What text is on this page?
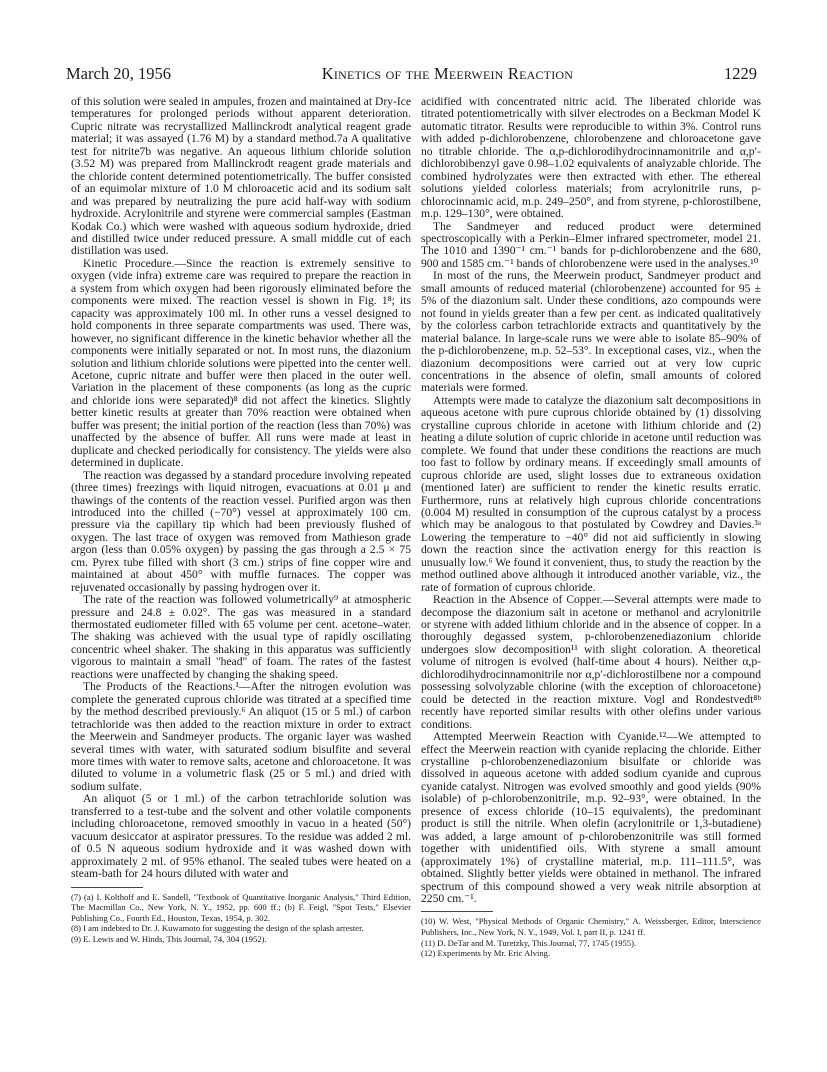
March 20, 1956	Kinetics of the Meerwein Reaction	1229

of this solution were sealed in ampules, frozen and maintained at Dry-Ice temperatures for prolonged periods without apparent deterioration. Cupric nitrate was recrystallized Mallinckrodt analytical reagent grade material; it was assayed (1.76 M) by a standard method.7a A qualitative test for nitrite7b was negative. An aqueous lithium chloride solution (3.52 M) was prepared from Mallinckrodt reagent grade materials and the chloride content determined potentiometrically. The buffer consisted of an equimolar mixture of 1.0 M chloroacetic acid and its sodium salt and was prepared by neutralizing the pure acid half-way with sodium hydroxide. Acrylonitrile and styrene were commercial samples (Eastman Kodak Co.) which were washed with aqueous sodium hydroxide, dried and distilled twice under reduced pressure. A small middle cut of each distillation was used.

Kinetic Procedure.—Since the reaction is extremely sensitive to oxygen (vide infra) extreme care was required to prepare the reaction in a system from which oxygen had been rigorously eliminated before the components were mixed. The reaction vessel is shown in Fig. 1⁸; its capacity was approximately 100 ml. In other runs a vessel designed to hold components in three separate compartments was used. There was, however, no significant difference in the kinetic behavior whether all the components were initially separated or not. In most runs, the diazonium solution and lithium chloride solutions were pipetted into the center well. Acetone, cupric nitrate and buffer were then placed in the outer well. Variation in the placement of these components (as long as the cupric and chloride ions were separated)⁸ did not affect the kinetics. Slightly better kinetic results at greater than 70% reaction were obtained when buffer was present; the initial portion of the reaction (less than 70%) was unaffected by the absence of buffer. All runs were made at least in duplicate and checked periodically for consistency. The yields were also determined in duplicate.

The reaction was degassed by a standard procedure involving repeated (three times) freezings with liquid nitrogen, evacuations at 0.01 μ and thawings of the contents of the reaction vessel. Purified argon was then introduced into the chilled (−70°) vessel at approximately 100 cm. pressure via the capillary tip which had been previously flushed of oxygen. The last trace of oxygen was removed from Mathieson grade argon (less than 0.05% oxygen) by passing the gas through a 2.5 × 75 cm. Pyrex tube filled with short (3 cm.) strips of fine copper wire and maintained at about 450° with muffle furnaces. The copper was rejuvenated occasionally by passing hydrogen over it.

The rate of the reaction was followed volumetrically⁹ at atmospheric pressure and 24.8 ± 0.02°. The gas was measured in a standard thermostated eudiometer filled with 65 volume per cent. acetone–water. The shaking was achieved with the usual type of rapidly oscillating concentric wheel shaker. The shaking in this apparatus was sufficiently vigorous to maintain a small "head" of foam. The rates of the fastest reactions were unaffected by changing the shaking speed.

The Products of the Reactions.¹—After the nitrogen evolution was complete the generated cuprous chloride was titrated at a specified time by the method described previously.⁶ An aliquot (15 or 5 ml.) of carbon tetrachloride was then added to the reaction mixture in order to extract the Meerwein and Sandmeyer products. The organic layer was washed several times with water, with saturated sodium bisulfite and several more times with water to remove salts, acetone and chloroacetone. It was diluted to volume in a volumetric flask (25 or 5 ml.) and dried with sodium sulfate.

An aliquot (5 or 1 ml.) of the carbon tetrachloride solution was transferred to a test-tube and the solvent and other volatile components including chloroacetone, removed smoothly in vacuo in a heated (50°) vacuum desiccator at aspirator pressures. To the residue was added 2 ml. of 0.5 N aqueous sodium hydroxide and it was washed down with approximately 2 ml. of 95% ethanol. The sealed tubes were heated on a steam-bath for 24 hours diluted with water and

(7) (a) I. Kolthoff and E. Sandell, "Textbook of Quantitative Inorganic Analysis," Third Edition, The Macmillan Co., New York, N. Y., 1952, pp. 600 ff.; (b) F. Feigl, "Spot Tests," Elsevier Publishing Co., Fourth Ed., Houston, Texas, 1954, p. 302.

(8) I am indebted to Dr. J. Kuwamoto for suggesting the design of the splash arrester.

(9) E. Lewis and W. Hinds, This Journal, 74, 304 (1952).

acidified with concentrated nitric acid. The liberated chloride was titrated potentiometrically with silver electrodes on a Beckman Model K automatic titrator. Results were reproducible to within 3%. Control runs with added p-dichlorobenzene, chlorobenzene and chloroacetone gave no titrable chloride. The α,p-dichlorodihydrocinnamonitrile and α,p′-dichlorobibenzyl gave 0.98–1.02 equivalents of analyzable chloride. The combined hydrolyzates were then extracted with ether. The ethereal solutions yielded colorless materials; from acrylonitrile runs, p-chlorocinnamic acid, m.p. 249–250°, and from styrene, p-chlorostilbene, m.p. 129–130°, were obtained.

The Sandmeyer and reduced product were determined spectroscopically with a Perkin–Elmer infrared spectrometer, model 21. The 1010 and 1390⁻¹ cm.⁻¹ bands for p-dichlorobenzene and the 680, 900 and 1585 cm.⁻¹ bands of chlorobenzene were used in the analyses.¹⁰

In most of the runs, the Meerwein product, Sandmeyer product and small amounts of reduced material (chlorobenzene) accounted for 95 ± 5% of the diazonium salt. Under these conditions, azo compounds were not found in yields greater than a few per cent. as indicated qualitatively by the colorless carbon tetrachloride extracts and quantitatively by the material balance. In large-scale runs we were able to isolate 85–90% of the p-dichlorobenzene, m.p. 52–53°. In exceptional cases, viz., when the diazonium decompositions were carried out at very low cupric concentrations in the absence of olefin, small amounts of colored materials were formed.

Attempts were made to catalyze the diazonium salt decompositions in aqueous acetone with pure cuprous chloride obtained by (1) dissolving crystalline cuprous chloride in acetone with lithium chloride and (2) heating a dilute solution of cupric chloride in acetone until reduction was complete. We found that under these conditions the reactions are much too fast to follow by ordinary means. If exceedingly small amounts of cuprous chloride are used, slight losses due to extraneous oxidation (mentioned later) are sufficient to render the kinetic results erratic. Furthermore, runs at relatively high cuprous chloride concentrations (0.004 M) resulted in consumption of the cuprous catalyst by a process which may be analogous to that postulated by Cowdrey and Davies.³ᵃ Lowering the temperature to −40° did not aid sufficiently in slowing down the reaction since the activation energy for this reaction is unusually low.⁶ We found it convenient, thus, to study the reaction by the method outlined above although it introduced another variable, viz., the rate of formation of cuprous chloride.

Reaction in the Absence of Copper.—Several attempts were made to decompose the diazonium salt in acetone or methanol and acrylonitrile or styrene with added lithium chloride and in the absence of copper. In a thoroughly degassed system, p-chlorobenzenediazonium chloride undergoes slow decomposition¹¹ with slight coloration. A theoretical volume of nitrogen is evolved (half-time about 4 hours). Neither α,p-dichlorodihydrocinnamonitrile nor α,p′-dichlorostilbene nor a compound possessing solvolyzable chlorine (with the exception of chloroacetone) could be detected in the reaction mixture. Vogl and Rondestvedt⁸ᵇ recently have reported similar results with other olefins under various conditions.

Attempted Meerwein Reaction with Cyanide.¹²—We attempted to effect the Meerwein reaction with cyanide replacing the chloride. Either crystalline p-chlorobenzenediazonium bisulfate or chloride was dissolved in aqueous acetone with added sodium cyanide and cuprous cyanide catalyst. Nitrogen was evolved smoothly and good yields (90% isolable) of p-chlorobenzonitrile, m.p. 92–93°, were obtained. In the presence of excess chloride (10–15 equivalents), the predominant product is still the nitrile. When olefin (acrylonitrile or 1,3-butadiene) was added, a large amount of p-chlorobenzonitrile was still formed together with unidentified oils. With styrene a small amount (approximately 1%) of crystalline material, m.p. 111–111.5°, was obtained. Slightly better yields were obtained in methanol. The infrared spectrum of this compound showed a very weak nitrile absorption at 2250 cm.⁻¹.

(10) W. West, "Physical Methods of Organic Chemistry," A. Weissberger, Editor, Interscience Publishers, Inc., New York, N. Y., 1949, Vol. I, part II, p. 1241 ff.

(11) D. DeTar and M. Turetzky, This Journal, 77, 1745 (1955).

(12) Experiments by Mr. Eric Alving.
